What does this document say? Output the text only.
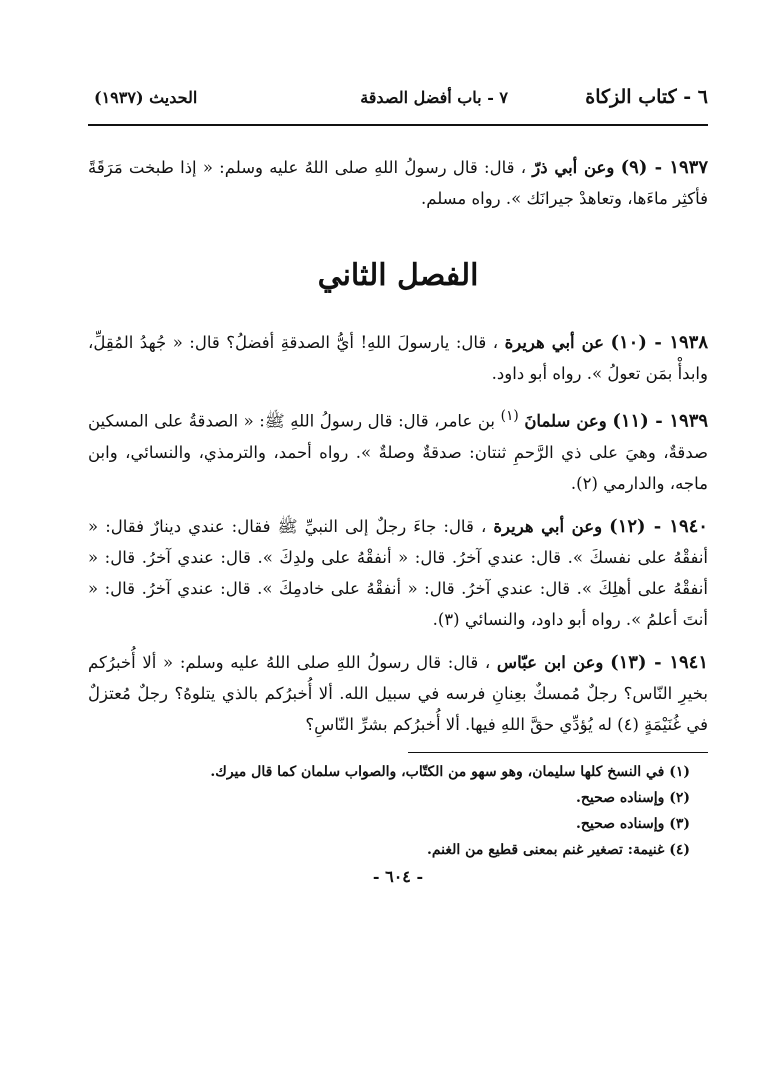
٦ - كتاب الزكاة
٧ - باب أفضل الصدقة
الحديث (١٩٣٧)

١٩٣٧ - (٩) وعن أبي ذرّ ، قال: قال رسولُ اللهِ صلى اللهُ عليه وسلم: « إذا طبخت مَرَقَةً فأكثِر ماءَها، وتعاهدْ جيرانَك ». رواه مسلم.

الفصل الثاني

١٩٣٨ - (١٠) عن أبي هريرة ، قال: يارسولَ اللهِ! أيُّ الصدقةِ أفضلُ؟ قال: « جُهدُ المُقِلِّ، وابدأْ بمَن تعولُ ». رواه أبو داود.

١٩٣٩ - (١١) وعن سلمانَ $^{(١)}$ بن عامر، قال: قال رسولُ اللهِ ﷺ: « الصدقةُ على المسكين صدقةٌ، وهيَ على ذي الرَّحمِ ثنتان: صدقةٌ وصلةٌ ». رواه أحمد، والترمذي، والنسائي، وابن ماجه، والدارمي (٢).

١٩٤٠ - (١٢) وعن أبي هريرة ، قال: جاءَ رجلٌ إلى النبيِّ ﷺ فقال: عندي دينارٌ فقال: « أنفقْهُ على نفسكَ ». قال: عندي آخرُ. قال: « أنفقْهُ على ولدِكَ ». قال: عندي آخرُ. قال: « أنفقْهُ على أهلِكَ ». قال: عندي آخرُ. قال: « أنفقْهُ على خادمِكَ ». قال: عندي آخرُ. قال: « أنتَ أعلمُ ». رواه أبو داود، والنسائي (٣).

١٩٤١ - (١٣) وعن ابن عبّاس ، قال: قال رسولُ اللهِ صلى اللهُ عليه وسلم: « ألا أُخبرُكم بخيرِ النّاس؟ رجلٌ مُمسكٌ بعِنانِ فرسه في سبيل الله. ألا أُخبرُكم بالذي يتلوهُ؟ رجلٌ مُعتزلٌ في غُنَيْمَةٍ (٤) له يُؤدِّي حقَّ اللهِ فيها. ألا أُخبرُكم بشرِّ النّاسِ؟

(١) في النسخ كلها سليمان، وهو سهو من الكتّاب، والصواب سلمان كما قال ميرك.

(٢) وإسناده صحيح.

(٣) وإسناده صحيح.

(٤) غنيمة: تصغير غنم بمعنى قطيع من الغنم.

- ٦٠٤ -
